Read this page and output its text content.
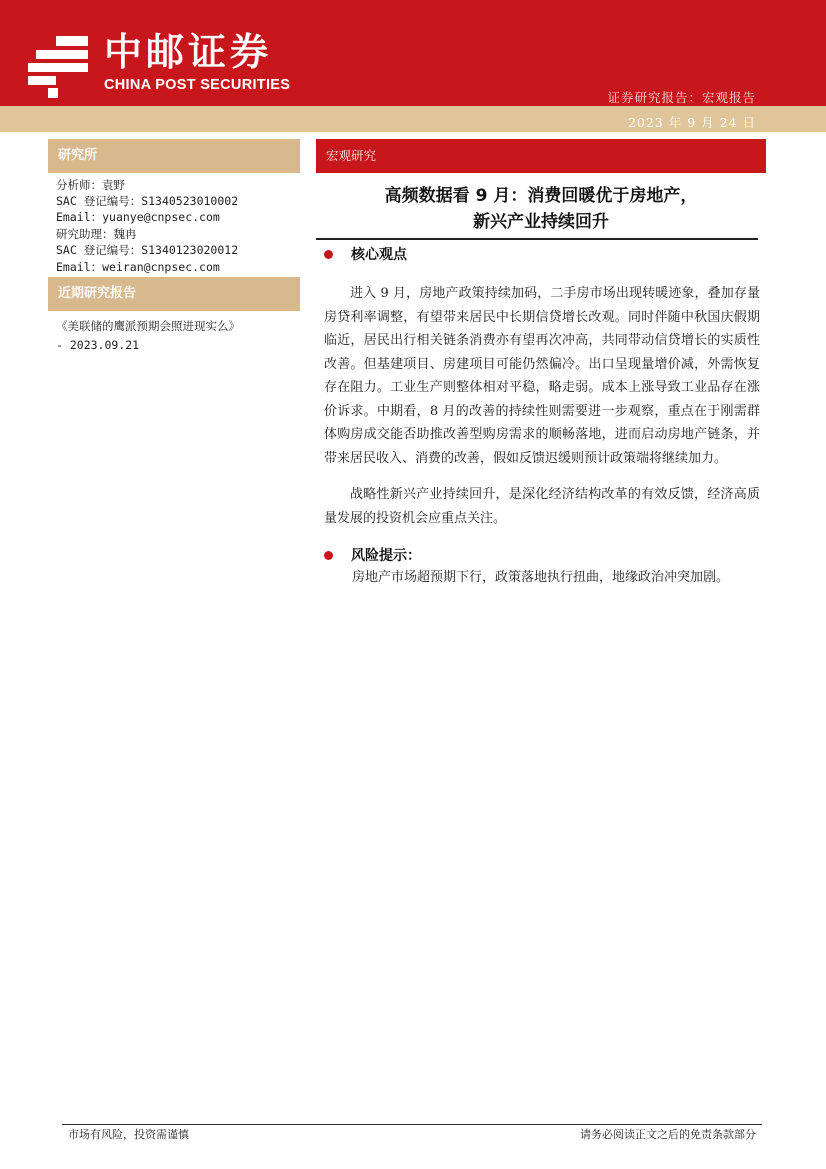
中邮证券
CHINA POST SECURITIES
证券研究报告：宏观报告
2023 年 9 月 24 日
研究所
分析师：袁野
SAC 登记编号：S1340523010002
Email：yuanye@cnpsec.com
研究助理：魏冉
SAC 登记编号：S1340123020012
Email：weiran@cnpsec.com
近期研究报告
《美联储的鹰派预期会照进现实么》
- 2023.09.21
宏观研究
高频数据看 9 月：消费回暖优于房地产，
新兴产业持续回升
核心观点
进入 9 月，房地产政策持续加码，二手房市场出现转暖迹象，叠加存量房贷利率调整，有望带来居民中长期信贷增长改观。同时伴随中秋国庆假期临近，居民出行相关链条消费亦有望再次冲高，共同带动信贷增长的实质性改善。但基建项目、房建项目可能仍然偏冷。出口呈现量增价减，外需恢复存在阻力。工业生产则整体相对平稳，略走弱。成本上涨导致工业品存在涨价诉求。中期看，8 月的改善的持续性则需要进一步观察，重点在于刚需群体购房成交能否助推改善型购房需求的顺畅落地，进而启动房地产链条，并带来居民收入、消费的改善，假如反馈迟缓则预计政策端将继续加力。
战略性新兴产业持续回升，是深化经济结构改革的有效反馈，经济高质量发展的投资机会应重点关注。
风险提示：
房地产市场超预期下行，政策落地执行扭曲，地缘政治冲突加剧。
市场有风险，投资需谨慎	请务必阅读正文之后的免责条款部分
